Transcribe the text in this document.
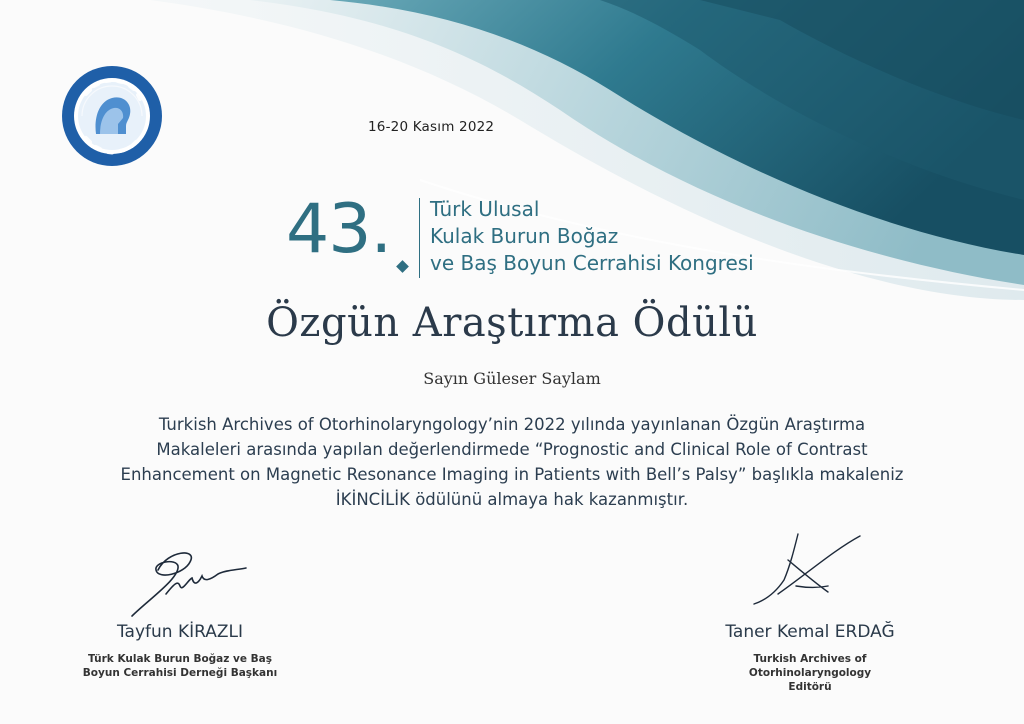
16-20 Kasım 2022
43. Türk Ulusal
Kulak Burun Boğaz
ve Baş Boyun Cerrahisi Kongresi
Özgün Araştırma Ödülü
Sayın Güleser Saylam
Turkish Archives of Otorhinolaryngology’nin 2022 yılında yayınlanan Özgün Araştırma
Makaleleri arasında yapılan değerlendirmede “Prognostic and Clinical Role of Contrast
Enhancement on Magnetic Resonance Imaging in Patients with Bell’s Palsy” başlıkla makaleniz
İKİNCİLİK ödülünü almaya hak kazanmıştır.
Tayfun KİRAZLI
Türk Kulak Burun Boğaz ve Baş
Boyun Cerrahisi Derneği Başkanı
Taner Kemal ERDAĞ
Turkish Archives of
Otorhinolaryngology
Editörü
